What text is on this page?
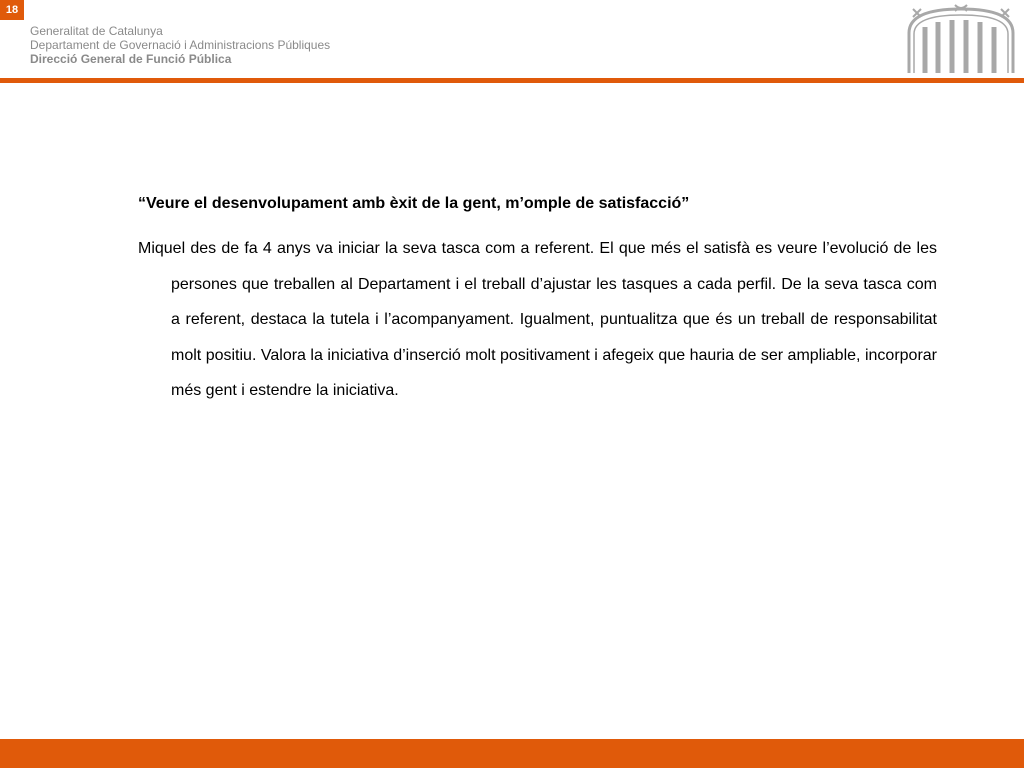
18
Generalitat de Catalunya
Departament de Governació i Administracions Públiques
Direcció General de Funció Pública

“Veure el desenvolupament amb èxit de la gent, m’omple de satisfacció”

Miquel des de fa 4 anys va iniciar la seva tasca com a referent. El que més el satisfà es veure l’evolució de les persones que treballen al Departament i el treball d’ajustar les tasques a cada perfil. De la seva tasca com a referent, destaca la tutela i l’acompanyament. Igualment, puntualitza que és un treball de responsabilitat molt positiu. Valora la iniciativa d’inserció molt positivament i afegeix que hauria de ser ampliable, incorporar més gent i estendre la iniciativa.
